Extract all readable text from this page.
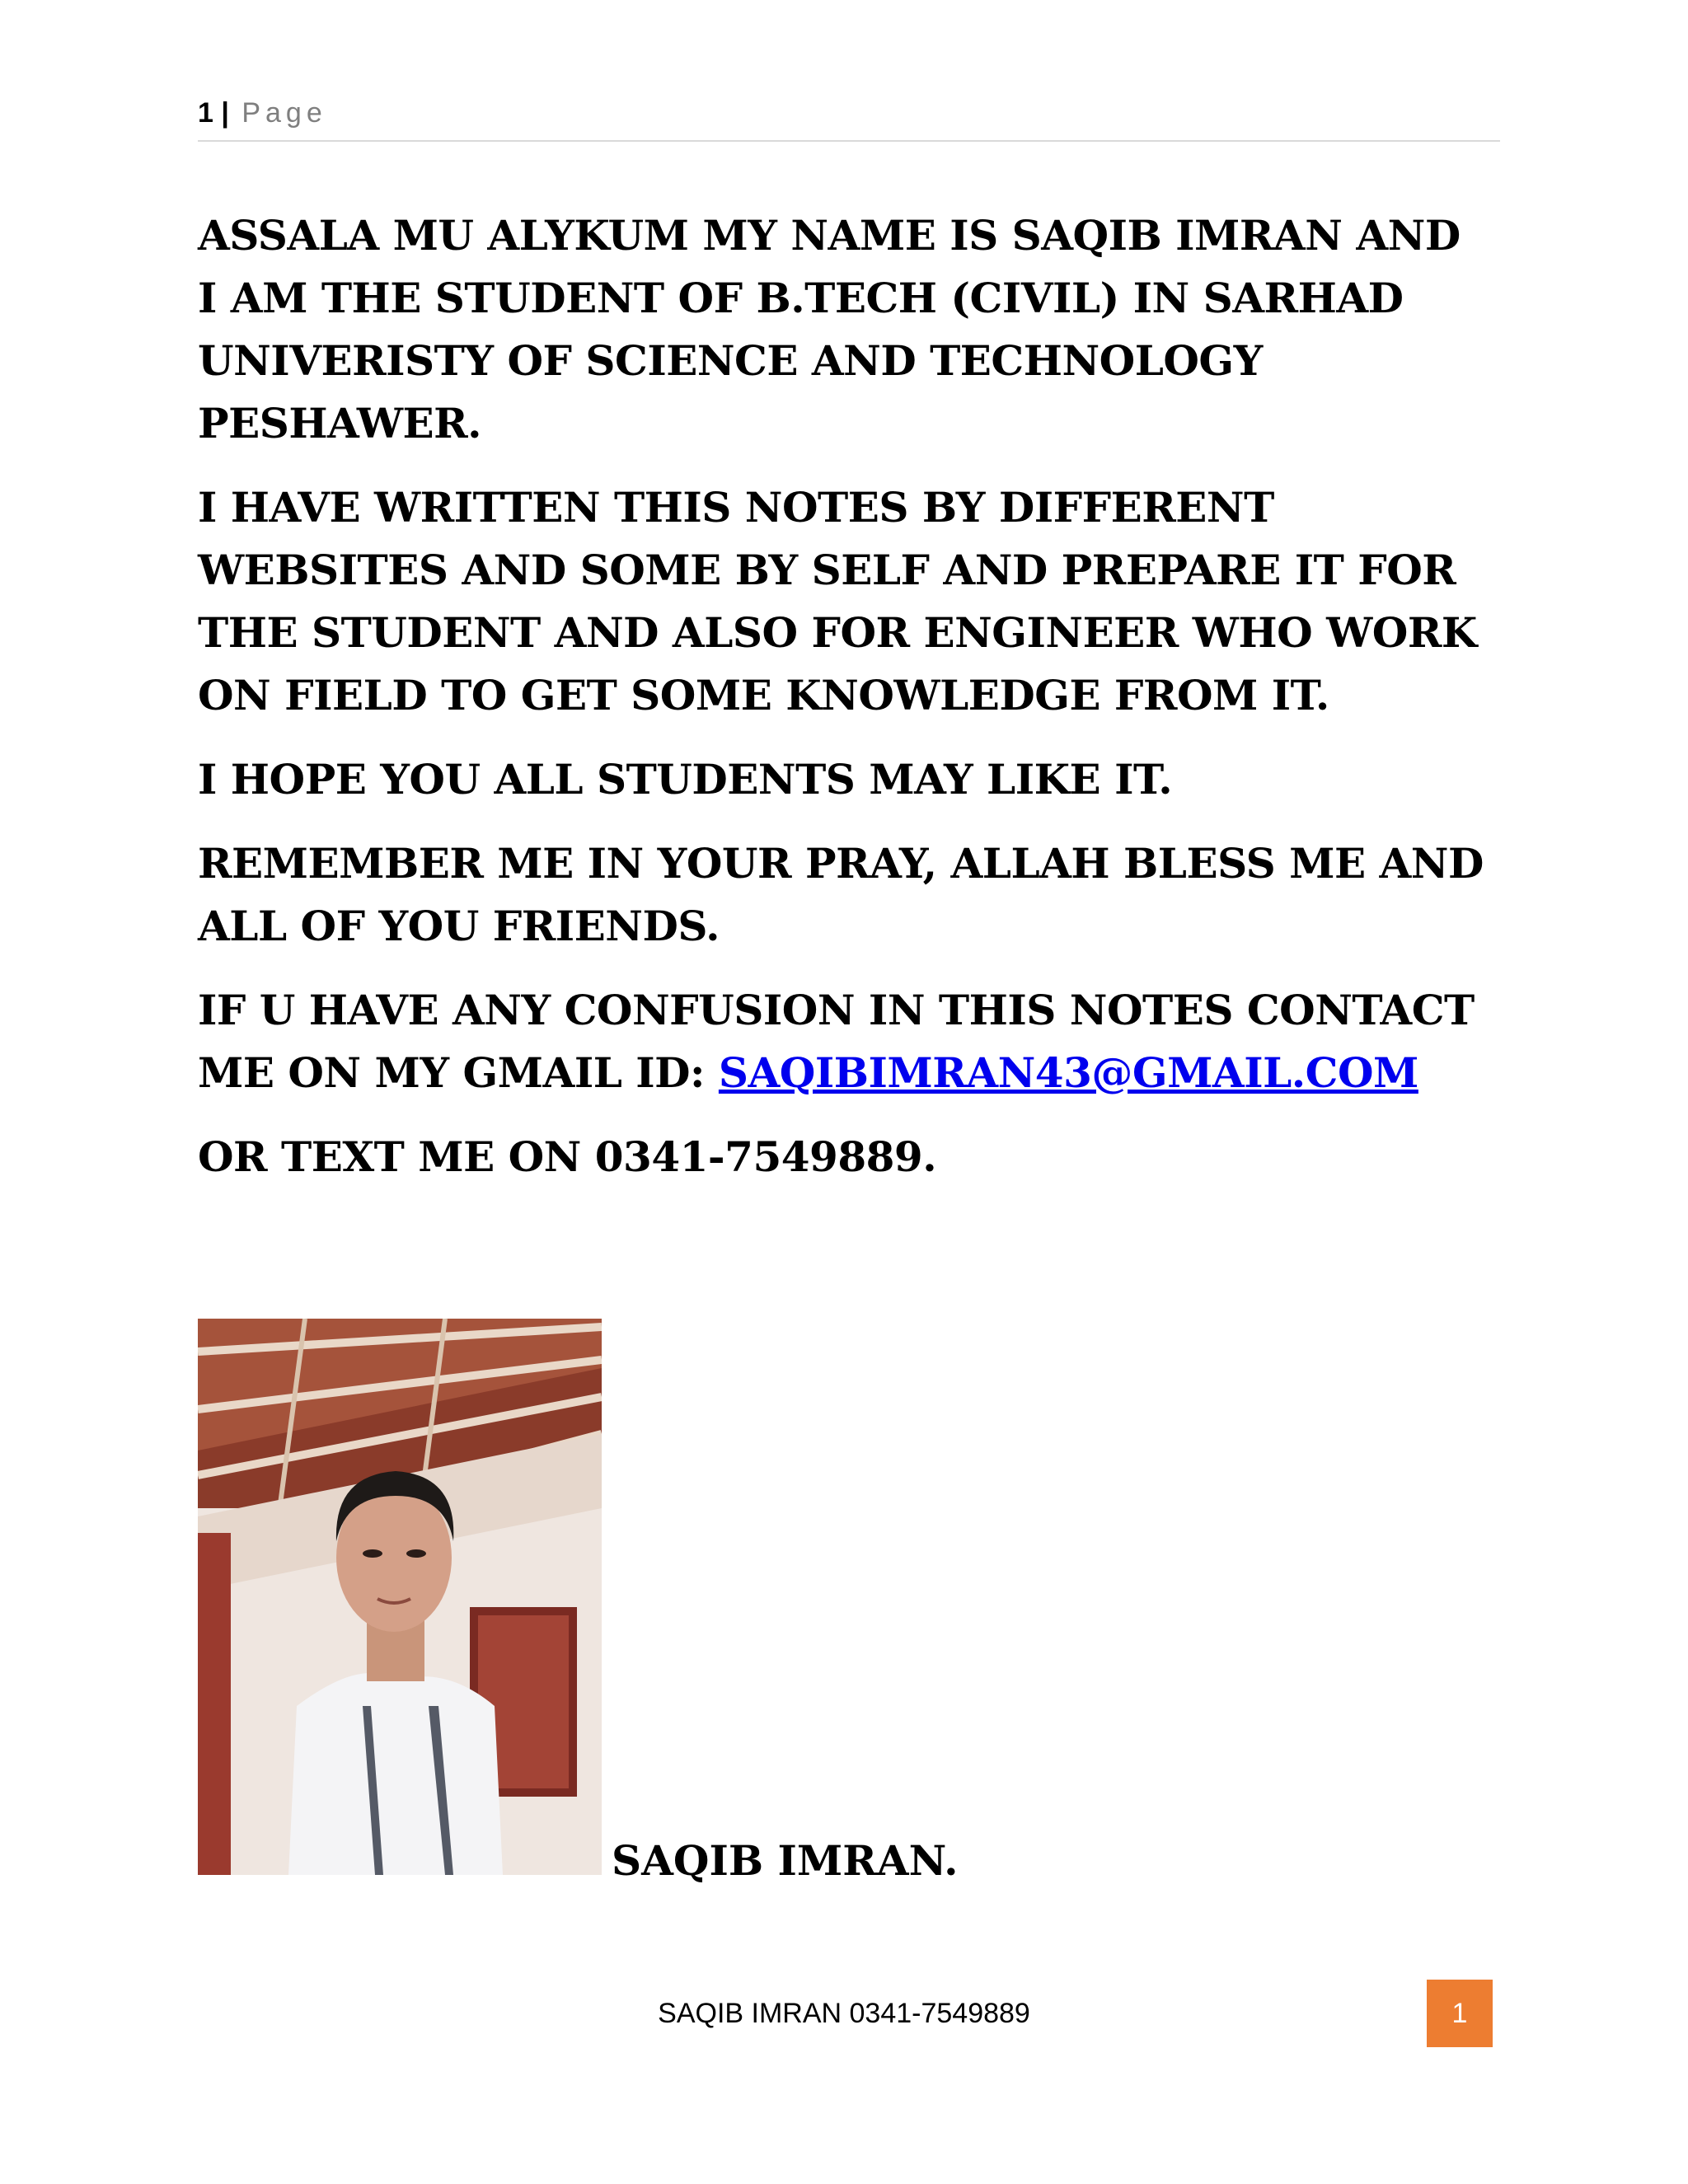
1 | Page

ASSALA MU ALYKUM MY NAME IS SAQIB IMRAN AND I AM THE STUDENT OF B.TECH (CIVIL) IN SARHAD UNIVERISTY OF SCIENCE AND TECHNOLOGY PESHAWER.

I HAVE WRITTEN THIS NOTES BY DIFFERENT WEBSITES AND SOME BY SELF AND PREPARE IT FOR THE STUDENT AND ALSO FOR ENGINEER WHO WORK ON FIELD TO GET SOME KNOWLEDGE FROM IT.

I HOPE YOU ALL STUDENTS MAY LIKE IT.

REMEMBER ME IN YOUR PRAY, ALLAH BLESS ME AND ALL OF YOU FRIENDS.

IF U HAVE ANY CONFUSION IN THIS NOTES CONTACT ME ON MY GMAIL ID: SAQIBIMRAN43@GMAIL.COM

OR TEXT ME ON 0341-7549889.

SAQIB IMRAN.
SAQIB IMRAN 0341-7549889	1
